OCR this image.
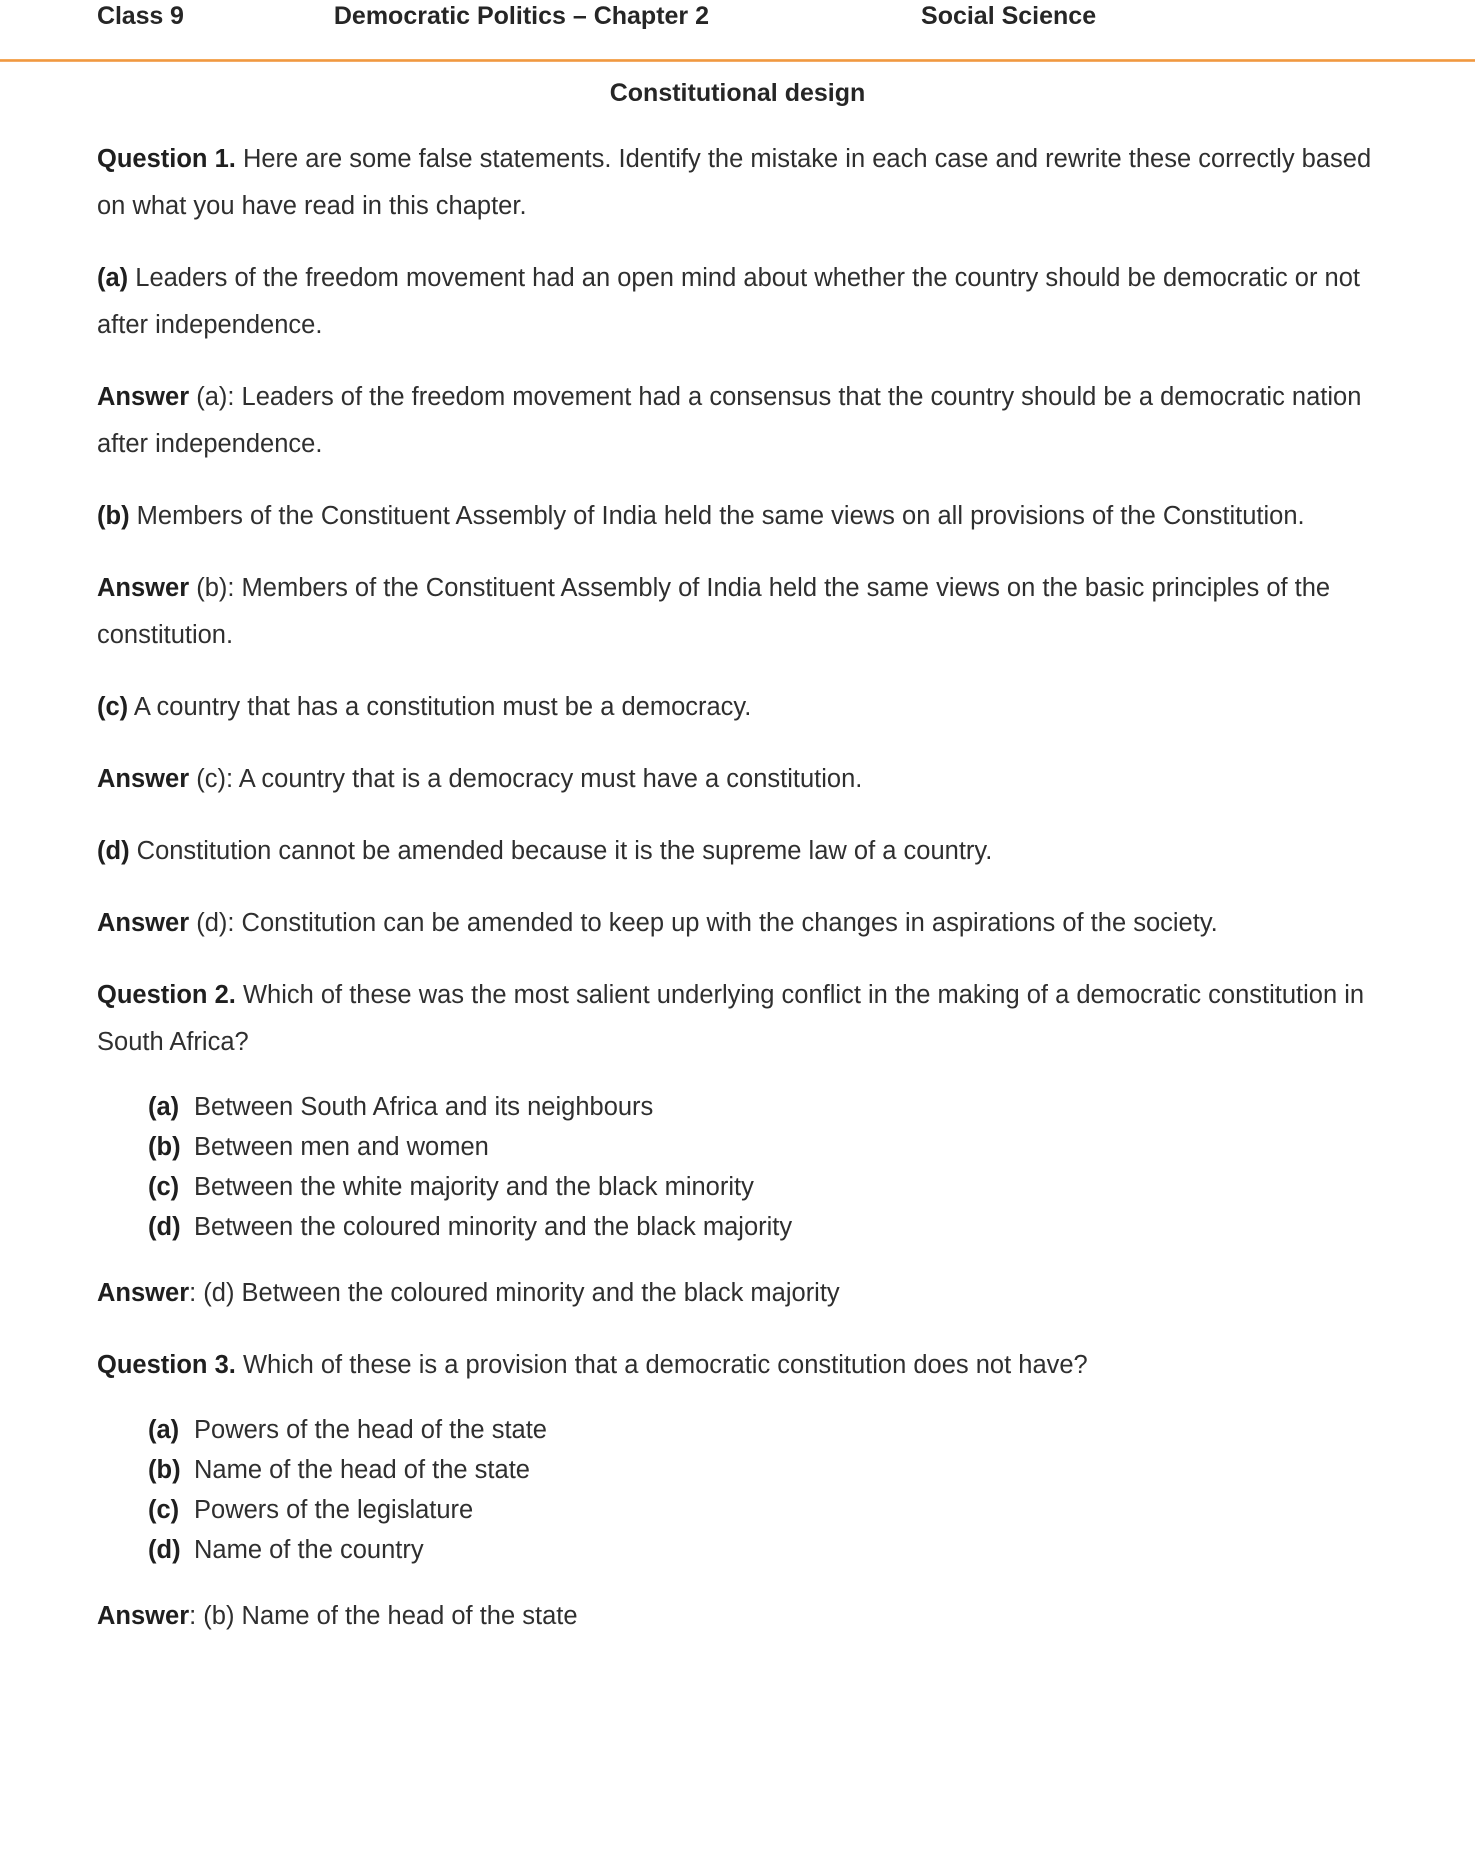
Class 9	Democratic Politics – Chapter 2	Social Science
Constitutional design

Question 1. Here are some false statements. Identify the mistake in each case and rewrite these correctly based on what you have read in this chapter.

(a) Leaders of the freedom movement had an open mind about whether the country should be democratic or not after independence.

Answer (a): Leaders of the freedom movement had a consensus that the country should be a democratic nation after independence.

(b) Members of the Constituent Assembly of India held the same views on all provisions of the Constitution.

Answer (b): Members of the Constituent Assembly of India held the same views on the basic principles of the constitution.

(c) A country that has a constitution must be a democracy.

Answer (c): A country that is a democracy must have a constitution.

(d) Constitution cannot be amended because it is the supreme law of a country.

Answer (d): Constitution can be amended to keep up with the changes in aspirations of the society.

Question 2. Which of these was the most salient underlying conflict in the making of a democratic constitution in South Africa?

(a) Between South Africa and its neighbours
(b) Between men and women
(c) Between the white majority and the black minority
(d) Between the coloured minority and the black majority

Answer: (d) Between the coloured minority and the black majority

Question 3. Which of these is a provision that a democratic constitution does not have?

(a) Powers of the head of the state
(b) Name of the head of the state
(c) Powers of the legislature
(d) Name of the country

Answer: (b) Name of the head of the state
